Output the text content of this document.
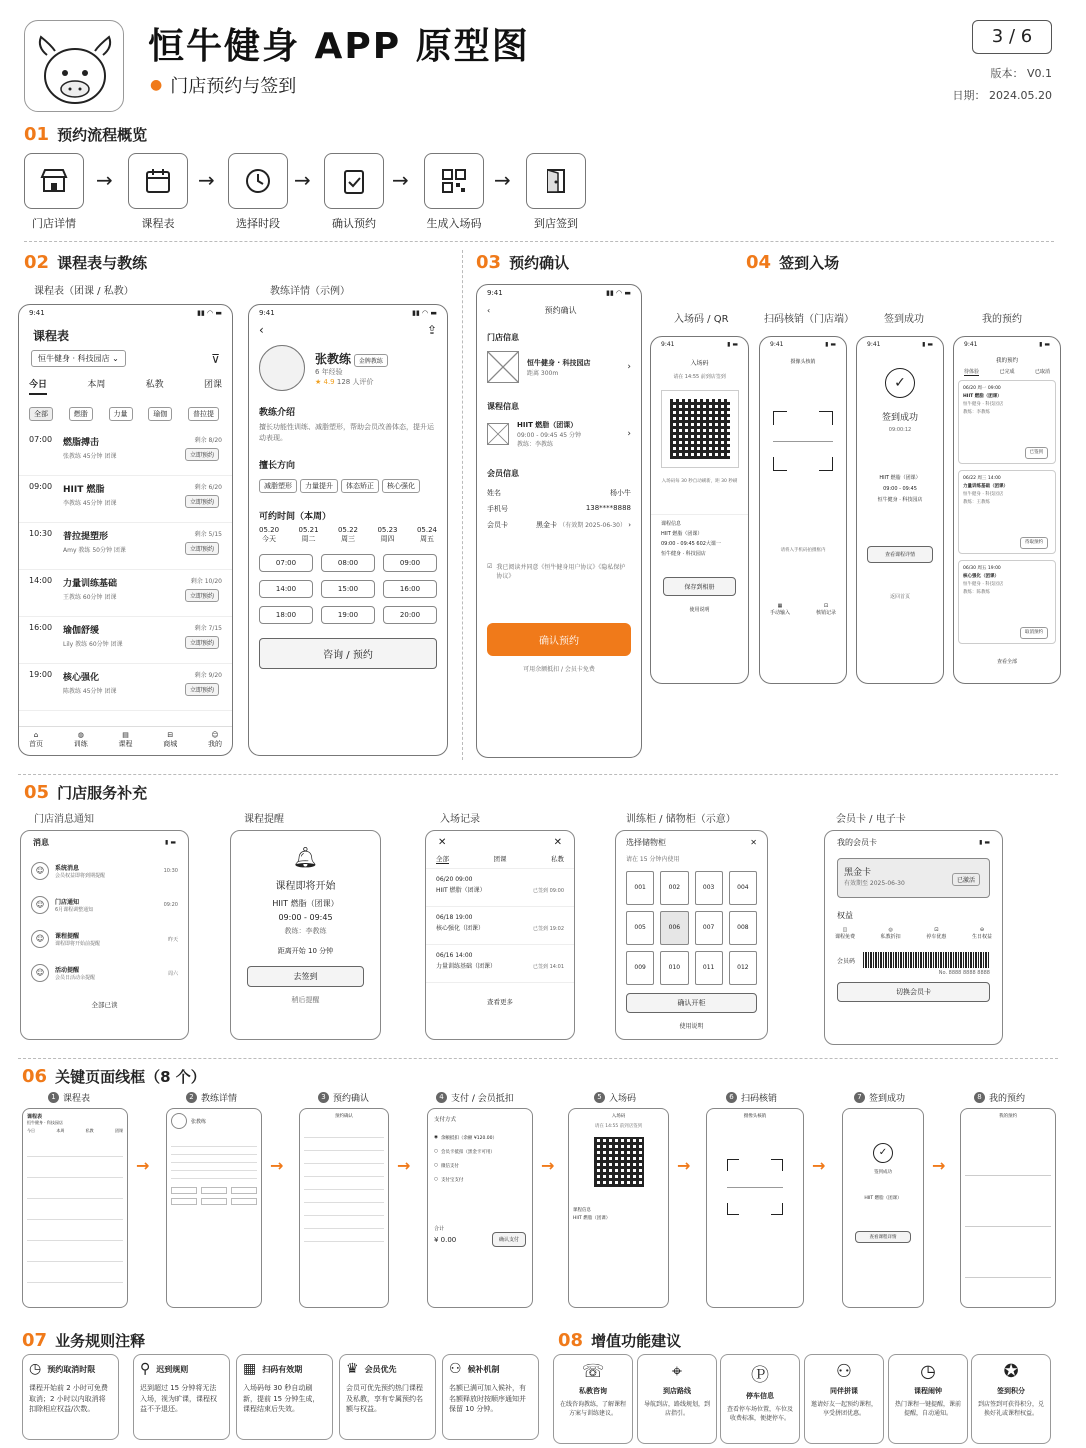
恒牛健身 APP 原型图
● 门店预约与签到
3 / 6
版本： V0.1
日期： 2024.05.20
01 预约流程概览
→	→	→	→	→
门店详情	课程表	选择时段	确认预约	生成入场码	到店签到
02 课程表与教练
课程表（团课 / 私教）	教练详情（示例）
9:41	▮▮ ◠ ▬
课程表
恒牛健身 · 科技园店 ⌄	⊽
今日	本周	私教	团课
全部	燃脂	力量	瑜伽	普拉提
07:00	燃脂搏击
张教练 45分钟 团课
剩余 8/20
立即预约
09:00	HIIT 燃脂
李教练 45分钟 团课
剩余 6/20
立即预约
10:30	普拉提塑形
Amy 教练 50分钟 团课
剩余 5/15
立即预约
14:00	力量训练基础
王教练 60分钟 团课
剩余 10/20
立即预约
16:00	瑜伽舒缓
Lily 教练 60分钟 团课
剩余 7/15
立即预约
19:00	核心强化
陈教练 45分钟 团课
剩余 9/20
立即预约
⌂
首页
◍
训练
▤
课程
⊟
商城
☺
我的
9:41	▮▮ ◠ ▬
‹	⇪
张教练 金牌教练
6 年经验
★ 4.9 128 人评价
教练介绍
擅长功能性训练、减脂塑形，帮助会员改善体态，提升运动表现。
擅长方向
减脂塑形 力量提升 体态矫正 核心强化
可约时间（本周）
05.20
今天
05.21
周二
05.22
周三
05.23
周四
05.24
周五
07:00	08:00	09:00
14:00	15:00	16:00
18:00	19:00	20:00
咨询 / 预约
03 预约确认
9:41	▮▮ ◠ ▬
‹	预约确认
门店信息
恒牛健身 · 科技园店
距离 300m
›
课程信息
HIIT 燃脂（团课）
09:00 - 09:45 45 分钟
教练：李教练
›
会员信息
姓名	杨小牛
手机号	138****8888
会员卡	黑金卡 （有效期 2025-06-30） ›
☑ 我已阅读并同意《恒牛健身用户协议》《隐私保护协议》
确认预约
可用余额抵扣 / 会员卡免费
04 签到入场
入场码 / QR	扫码核销（门店端）	签到成功	我的预约
9:41	▮ ▬
入场码
请在 14:55 前到店签到
入场码每 30 秒自动刷新，距 30 秒刷
课程信息
HIIT 燃脂（团课）
09:00 - 09:45 602大课一
恒牛健身 · 科技园店
保存到相册
使用说明
9:41	▮ ▬
摄像头核销
请将入手机码拍摄框内
▦
手动输入
⊡
核销记录
9:41	▮ ▬
✓
签到成功
09:00:12
HIIT 燃脂（团课）
09:00 - 09:45
恒牛健身 · 科技园店
查看课程详情
返回首页
9:41	▮ ▬
我的预约
待体验	已完成	已取消
06/20 周一 09:00
HIIT 燃脂（团课）
恒牛健身 · 科技园店
教练：李教练
已签到
06/22 周三 14:00
力量训练基础（团课）
恒牛健身 · 科技园店
教练：王教练
待取预约
06/30 周五 19:00
核心强化（团课）
恒牛健身 · 科技园店
教练：陈教练
取消预约
查看全部
05 门店服务补充
门店消息通知	课程提醒	入场记录	训练柜 / 储物柜（示意）	会员卡 / 电子卡
消息	▮ ▬
☺	系统消息
会员权益即将到期提醒
10:30
☺	门店通知
6月课程调整通知
09:20
☺	课程提醒
课程即将开始前提醒
昨天
☺	活动提醒
会员日活动余提醒
周六
全部已读
🔔︎
课程即将开始
HIIT 燃脂（团课）
09:00 - 09:45
教练：李教练
距离开始 10 分钟
去签到
稍后提醒
✕	✕
全部	团课	私教
06/20 09:00
HIIT 燃脂（团课）	已签到 09:00
06/18 19:00
核心强化（团课）	已签到 19:02
06/16 14:00
力量训练基础（团课）	已签到 14:01
查看更多
选择储物柜	✕
请在 15 分钟内使用
001	002	003	004
005	006	007	008
009	010	011	012
确认开柜
使用说明
我的会员卡	▮ ▬
黑金卡
有效期至 2025-06-30	已激活
权益
◫
课程免费
◎
私教折扣
⊡
停车优惠
⊖
生日权益
会员码
No. 8888 8888 8888
切换会员卡
06 关键页面线框（8 个）
1 课程表	2 教练详情	3 预约确认	4 支付 / 会员抵扣	5 入场码	6 扫码核销	7 签到成功	8 我的预约
课程表
恒牛健身 · 科技园店
今日	本周	私教	团课
张教练
预约确认
支付方式
◉ 余额抵扣（余额 ¥120.00）
○ 会员卡抵扣（黑金卡可用）
○ 微信支付
○ 支付宝支付
合计
¥ 0.00	确认支付
入场码
请在 14:55 前到店签到
课程信息
HIIT 燃脂（团课）
摄像头核销
✓
签到成功
HIIT 燃脂（团课）
查看课程详情
我的预约
→	→	→	→	→	→	→
07 业务规则注释	08 增值功能建议
◷ 预约取消时限
课程开始前 2 小时可免费取消；2 小时以内取消将扣除相应权益/次数。
⚲ 迟到规则
迟到超过 15 分钟将无法入场，视为旷课，课程权益不予退还。
▦ 扫码有效期
入场码每 30 秒自动刷新，提前 15 分钟生成，课程结束后失效。
♛ 会员优先
会员可优先预约热门课程及私教，享有专属预约名额与权益。
⚇ 候补机制
名额已满可加入候补，有名额释放时按顺序通知并保留 10 分钟。
☏
私教咨询
在线咨询教练，了解课程方案与训练建议。
⌖
到店路线
导航到店，路线规划，到店指引。
Ⓟ
停车信息
查看停车场位置，车位及收费标准，便捷停车。
⚇
同伴拼课
邀请好友一起预约课程，享受拼团优惠。
◷
课程闹钟
热门课程一键提醒，课前提醒，自动通知。
✪
签到积分
到店签到可获得积分，兑换好礼或课程权益。
